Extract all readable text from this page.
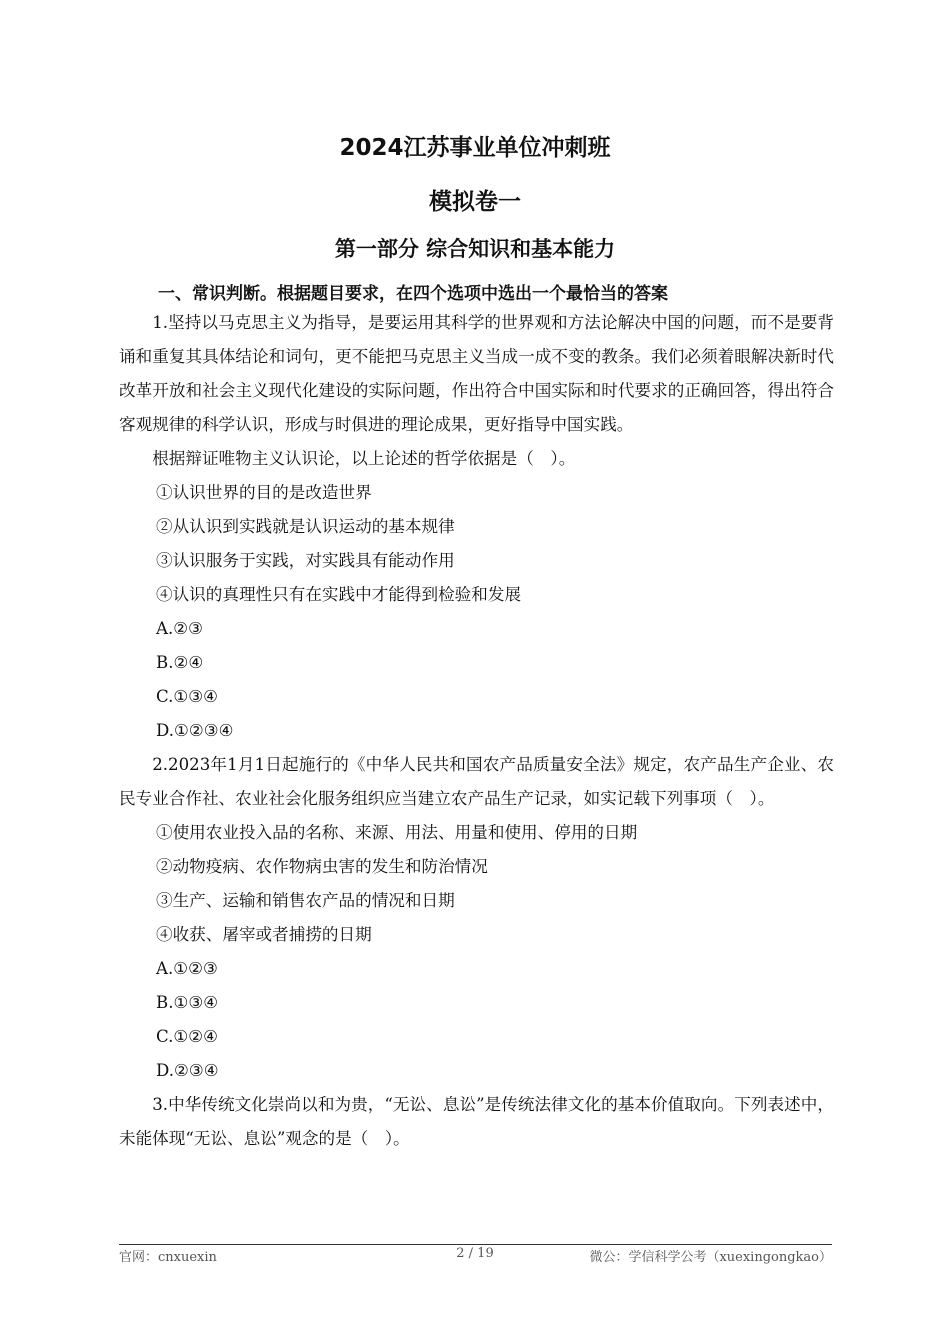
2024江苏事业单位冲刺班
模拟卷一
第一部分 综合知识和基本能力
一、常识判断。根据题目要求，在四个选项中选出一个最恰当的答案

1.坚持以马克思主义为指导，是要运用其科学的世界观和方法论解决中国的问题，而不是要背诵和重复其具体结论和词句，更不能把马克思主义当成一成不变的教条。我们必须着眼解决新时代改革开放和社会主义现代化建设的实际问题，作出符合中国实际和时代要求的正确回答，得出符合客观规律的科学认识，形成与时俱进的理论成果，更好指导中国实践。

根据辩证唯物主义认识论，以上论述的哲学依据是（　）。

①认识世界的目的是改造世界

②从认识到实践就是认识运动的基本规律

③认识服务于实践，对实践具有能动作用

④认识的真理性只有在实践中才能得到检验和发展

A.②③

B.②④

C.①③④

D.①②③④

2.2023年1月1日起施行的《中华人民共和国农产品质量安全法》规定，农产品生产企业、农民专业合作社、农业社会化服务组织应当建立农产品生产记录，如实记载下列事项（　）。

①使用农业投入品的名称、来源、用法、用量和使用、停用的日期

②动物疫病、农作物病虫害的发生和防治情况

③生产、运输和销售农产品的情况和日期

④收获、屠宰或者捕捞的日期

A.①②③

B.①③④

C.①②④

D.②③④

3.中华传统文化崇尚以和为贵，“无讼、息讼”是传统法律文化的基本价值取向。下列表述中，未能体现“无讼、息讼”观念的是（　）。

官网：cnxuexin	2 / 19	微公：学信科学公考（xuexingongkao）
